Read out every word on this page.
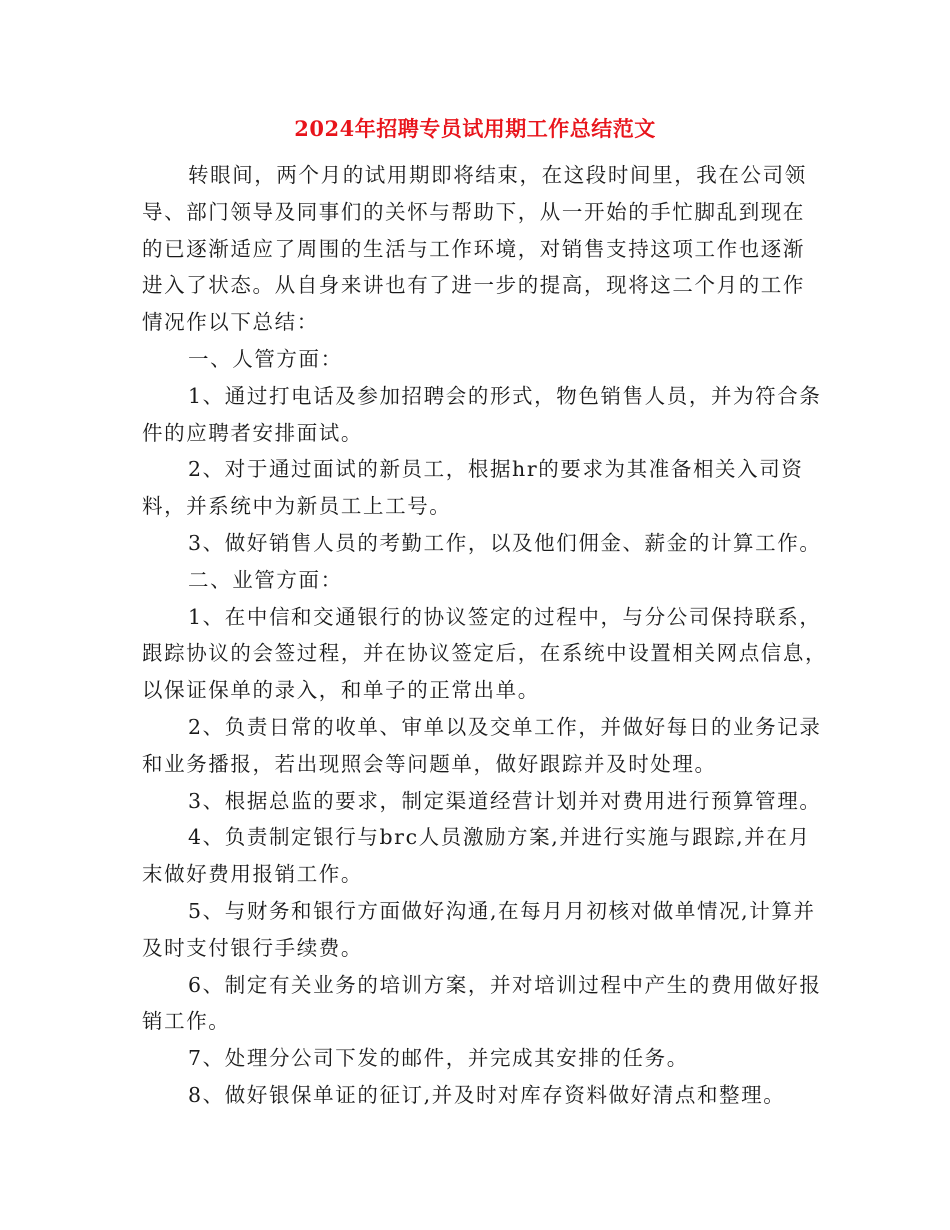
2024年招聘专员试用期工作总结范文
转眼间，两个月的试用期即将结束，在这段时间里，我在公司领
导、部门领导及同事们的关怀与帮助下，从一开始的手忙脚乱到现在
的已逐渐适应了周围的生活与工作环境，对销售支持这项工作也逐渐
进入了状态。从自身来讲也有了进一步的提高，现将这二个月的工作
情况作以下总结：
一、人管方面：
1、通过打电话及参加招聘会的形式，物色销售人员，并为符合条
件的应聘者安排面试。
2、对于通过面试的新员工，根据hr的要求为其准备相关入司资
料，并系统中为新员工上工号。
3、做好销售人员的考勤工作，以及他们佣金、薪金的计算工作。
二、业管方面：
1、在中信和交通银行的协议签定的过程中，与分公司保持联系，
跟踪协议的会签过程，并在协议签定后，在系统中设置相关网点信息，
以保证保单的录入，和单子的正常出单。
2、负责日常的收单、审单以及交单工作，并做好每日的业务记录
和业务播报，若出现照会等问题单，做好跟踪并及时处理。
3、根据总监的要求，制定渠道经营计划并对费用进行预算管理。
4、负责制定银行与brc人员激励方案,并进行实施与跟踪,并在月
末做好费用报销工作。
5、与财务和银行方面做好沟通,在每月月初核对做单情况,计算并
及时支付银行手续费。
6、制定有关业务的培训方案，并对培训过程中产生的费用做好报
销工作。
7、处理分公司下发的邮件，并完成其安排的任务。
8、做好银保单证的征订,并及时对库存资料做好清点和整理。
